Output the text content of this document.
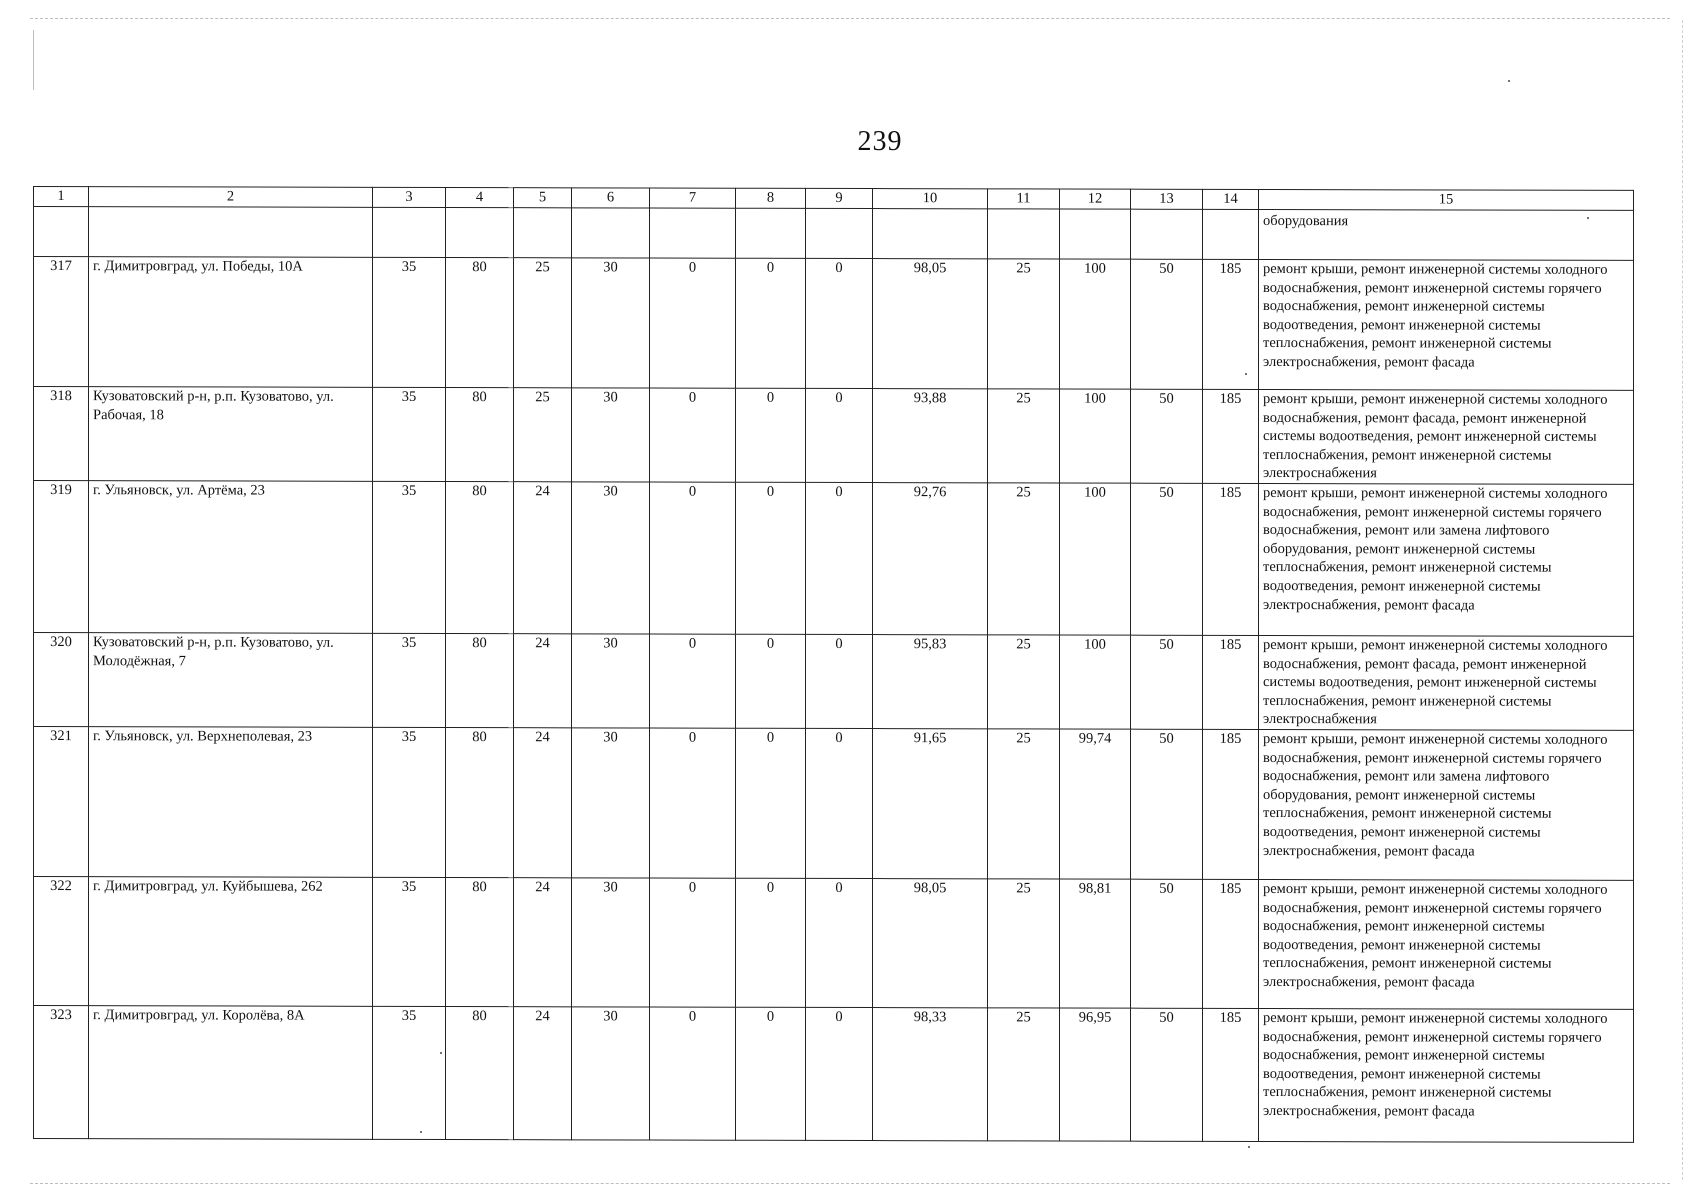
239
1	2	3	4	5	6	7	8	9	10	11	12	13	14	15
														оборудования
317	г. Димитровград, ул. Победы, 10А	35	80	25	30	0	0	0	98,05	25	100	50	185	ремонт крыши, ремонт инженерной системы холодного водоснабжения, ремонт инженерной системы горячего водоснабжения, ремонт инженерной системы водоотведения, ремонт инженерной системы теплоснабжения, ремонт инженерной системы электроснабжения, ремонт фасада
318	Кузоватовский р-н, р.п. Кузоватово, ул. Рабочая, 18	35	80	25	30	0	0	0	93,88	25	100	50	185	ремонт крыши, ремонт инженерной системы холодного водоснабжения, ремонт фасада, ремонт инженерной системы водоотведения, ремонт инженерной системы теплоснабжения, ремонт инженерной системы электроснабжения
319	г. Ульяновск, ул. Артёма, 23	35	80	24	30	0	0	0	92,76	25	100	50	185	ремонт крыши, ремонт инженерной системы холодного водоснабжения, ремонт инженерной системы горячего водоснабжения, ремонт или замена лифтового оборудования, ремонт инженерной системы теплоснабжения, ремонт инженерной системы водоотведения, ремонт инженерной системы электроснабжения, ремонт фасада
320	Кузоватовский р-н, р.п. Кузоватово, ул. Молодёжная, 7	35	80	24	30	0	0	0	95,83	25	100	50	185	ремонт крыши, ремонт инженерной системы холодного водоснабжения, ремонт фасада, ремонт инженерной системы водоотведения, ремонт инженерной системы теплоснабжения, ремонт инженерной системы электроснабжения
321	г. Ульяновск, ул. Верхнеполевая, 23	35	80	24	30	0	0	0	91,65	25	99,74	50	185	ремонт крыши, ремонт инженерной системы холодного водоснабжения, ремонт инженерной системы горячего водоснабжения, ремонт или замена лифтового оборудования, ремонт инженерной системы теплоснабжения, ремонт инженерной системы водоотведения, ремонт инженерной системы электроснабжения, ремонт фасада
322	г. Димитровград, ул. Куйбышева, 262	35	80	24	30	0	0	0	98,05	25	98,81	50	185	ремонт крыши, ремонт инженерной системы холодного водоснабжения, ремонт инженерной системы горячего водоснабжения, ремонт инженерной системы водоотведения, ремонт инженерной системы теплоснабжения, ремонт инженерной системы электроснабжения, ремонт фасада
323	г. Димитровград, ул. Королёва, 8А	35	80	24	30	0	0	0	98,33	25	96,95	50	185	ремонт крыши, ремонт инженерной системы холодного водоснабжения, ремонт инженерной системы горячего водоснабжения, ремонт инженерной системы водоотведения, ремонт инженерной системы теплоснабжения, ремонт инженерной системы электроснабжения, ремонт фасада
